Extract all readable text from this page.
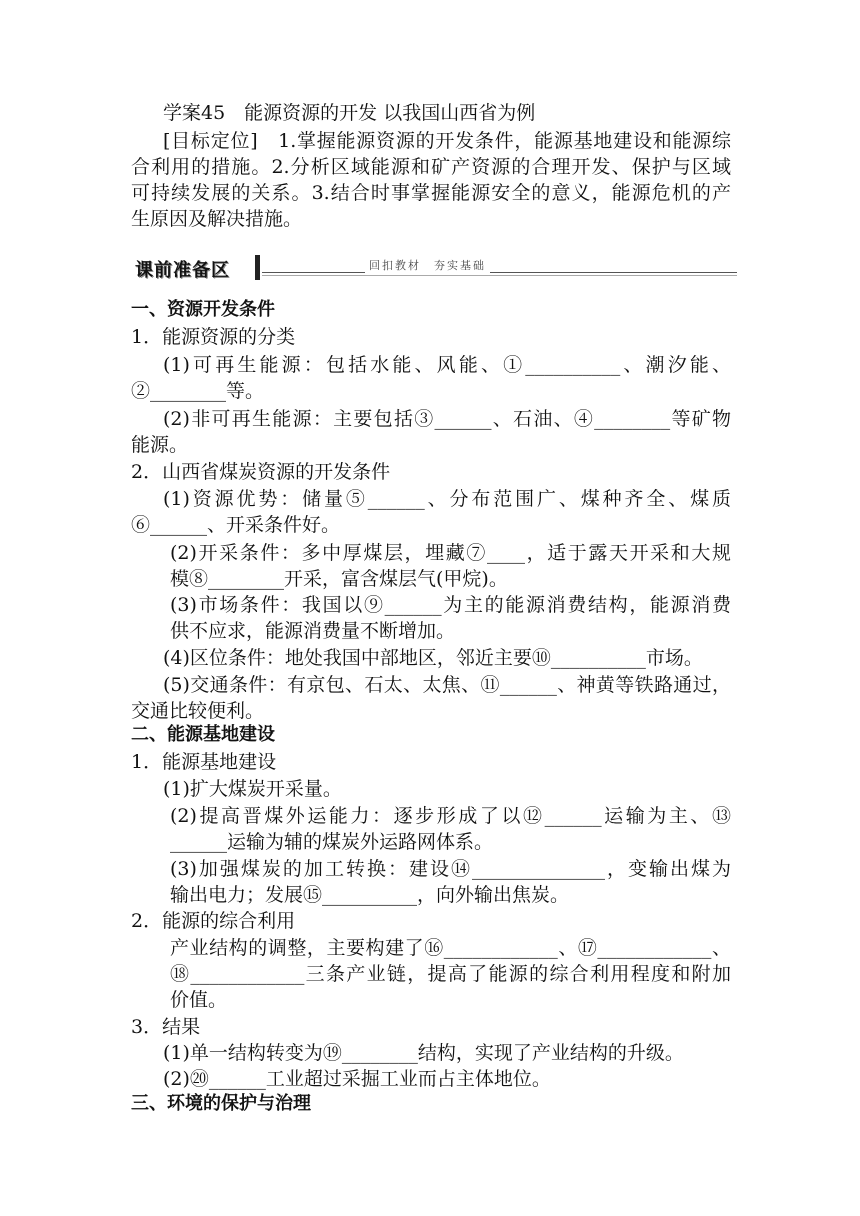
学案45　能源资源的开发 以我国山西省为例
[目标定位]　1.掌握能源资源的开发条件，能源基地建设和能源综
合利用的措施。2.分析区域能源和矿产资源的合理开发、保护与区域
可持续发展的关系。3.结合时事掌握能源安全的意义，能源危机的产
生原因及解决措施。
课前准备区	回扣教材　夯实基础
一、资源开发条件
1．能源资源的分类
(1)可再生能源：包括水能、风能、①__________、潮汐能、
②________等。
(2)非可再生能源：主要包括③______、石油、④________等矿物
能源。
2．山西省煤炭资源的开发条件
(1)资源优势：储量⑤______、分布范围广、煤种齐全、煤质
⑥______、开采条件好。
(2)开采条件：多中厚煤层，埋藏⑦____，适于露天开采和大规
模⑧________开采，富含煤层气(甲烷)。
(3)市场条件：我国以⑨______为主的能源消费结构，能源消费
供不应求，能源消费量不断增加。
(4)区位条件：地处我国中部地区，邻近主要⑩__________市场。
(5)交通条件：有京包、石太、太焦、⑪______、神黄等铁路通过，
交通比较便利。
二、能源基地建设
1．能源基地建设
(1)扩大煤炭开采量。
(2)提高晋煤外运能力：逐步形成了以⑫______运输为主、⑬
______运输为辅的煤炭外运路网体系。
(3)加强煤炭的加工转换：建设⑭______________，变输出煤为
输出电力；发展⑮__________，向外输出焦炭。
2．能源的综合利用
产业结构的调整，主要构建了⑯____________、⑰____________、
⑱____________三条产业链，提高了能源的综合利用程度和附加
价值。
3．结果
(1)单一结构转变为⑲________结构，实现了产业结构的升级。
(2)⑳______工业超过采掘工业而占主体地位。
三、环境的保护与治理
